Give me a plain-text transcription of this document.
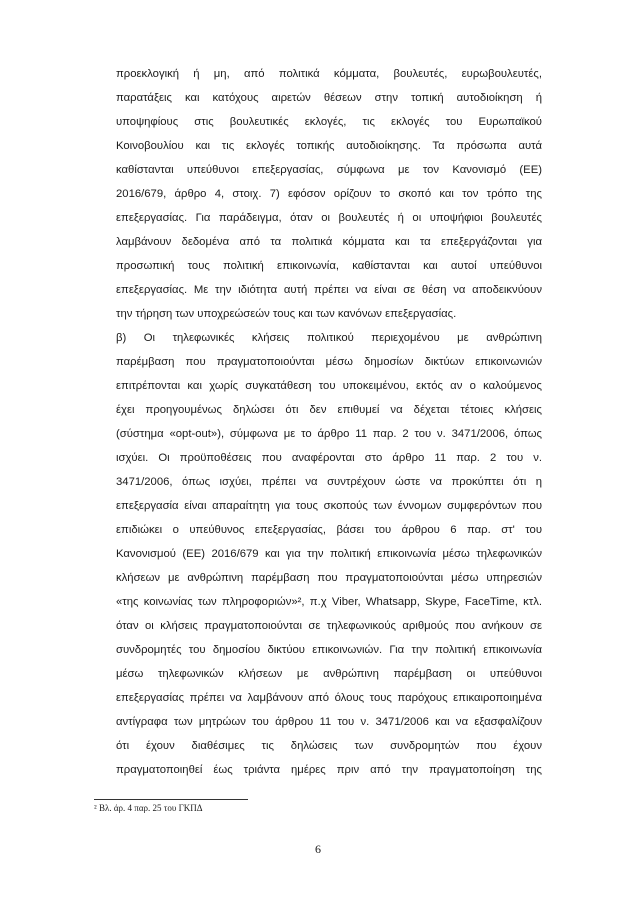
προεκλογική ή μη, από πολιτικά κόμματα, βουλευτές, ευρωβουλευτές,
παρατάξεις και κατόχους αιρετών θέσεων στην τοπική αυτοδιοίκηση ή
υποψηφίους στις βουλευτικές εκλογές, τις εκλογές του Ευρωπαϊκού
Κοινοβουλίου και τις εκλογές τοπικής αυτοδιοίκησης. Τα πρόσωπα αυτά
καθίστανται υπεύθυνοι επεξεργασίας, σύμφωνα με τον Κανονισμό (ΕΕ)
2016/679, άρθρο 4, στοιχ. 7) εφόσον ορίζουν το σκοπό και τον τρόπο της
επεξεργασίας. Για παράδειγμα, όταν οι βουλευτές ή οι υποψήφιοι βουλευτές
λαμβάνουν δεδομένα από τα πολιτικά κόμματα και τα επεξεργάζονται για
προσωπική τους πολιτική επικοινωνία, καθίστανται και αυτοί υπεύθυνοι
επεξεργασίας. Με την ιδιότητα αυτή πρέπει να είναι σε θέση να αποδεικνύουν
την τήρηση των υποχρεώσεών τους και των κανόνων επεξεργασίας.
β) Οι τηλεφωνικές κλήσεις πολιτικού περιεχομένου με ανθρώπινη
παρέμβαση που πραγματοποιούνται μέσω δημοσίων δικτύων επικοινωνιών
επιτρέπονται και χωρίς συγκατάθεση του υποκειμένου, εκτός αν ο καλούμενος
έχει προηγουμένως δηλώσει ότι δεν επιθυμεί να δέχεται τέτοιες κλήσεις
(σύστημα «opt-out»), σύμφωνα με το άρθρο 11 παρ. 2 του ν. 3471/2006, όπως
ισχύει. Οι προϋποθέσεις που αναφέρονται στο άρθρο 11 παρ. 2 του ν.
3471/2006, όπως ισχύει, πρέπει να συντρέχουν ώστε να προκύπτει ότι η
επεξεργασία είναι απαραίτητη για τους σκοπούς των έννομων συμφερόντων που
επιδιώκει ο υπεύθυνος επεξεργασίας, βάσει του άρθρου 6 παρ. στ' του
Κανονισμού (ΕΕ) 2016/679 και για την πολιτική επικοινωνία μέσω τηλεφωνικών
κλήσεων με ανθρώπινη παρέμβαση που πραγματοποιούνται μέσω υπηρεσιών
«της κοινωνίας των πληροφοριών»², π.χ Viber, Whatsapp, Skype, FaceTime, κτλ.
όταν οι κλήσεις πραγματοποιούνται σε τηλεφωνικούς αριθμούς που ανήκουν σε
συνδρομητές του δημοσίου δικτύου επικοινωνιών. Για την πολιτική επικοινωνία
μέσω τηλεφωνικών κλήσεων με ανθρώπινη παρέμβαση οι υπεύθυνοι
επεξεργασίας πρέπει να λαμβάνουν από όλους τους παρόχους επικαιροποιημένα
αντίγραφα των μητρώων του άρθρου 11 του ν. 3471/2006 και να εξασφαλίζουν
ότι έχουν διαθέσιμες τις δηλώσεις των συνδρομητών που έχουν
πραγματοποιηθεί έως τριάντα ημέρες πριν από την πραγματοποίηση της
² Βλ. άρ. 4 παρ. 25 του ΓΚΠΔ
6
